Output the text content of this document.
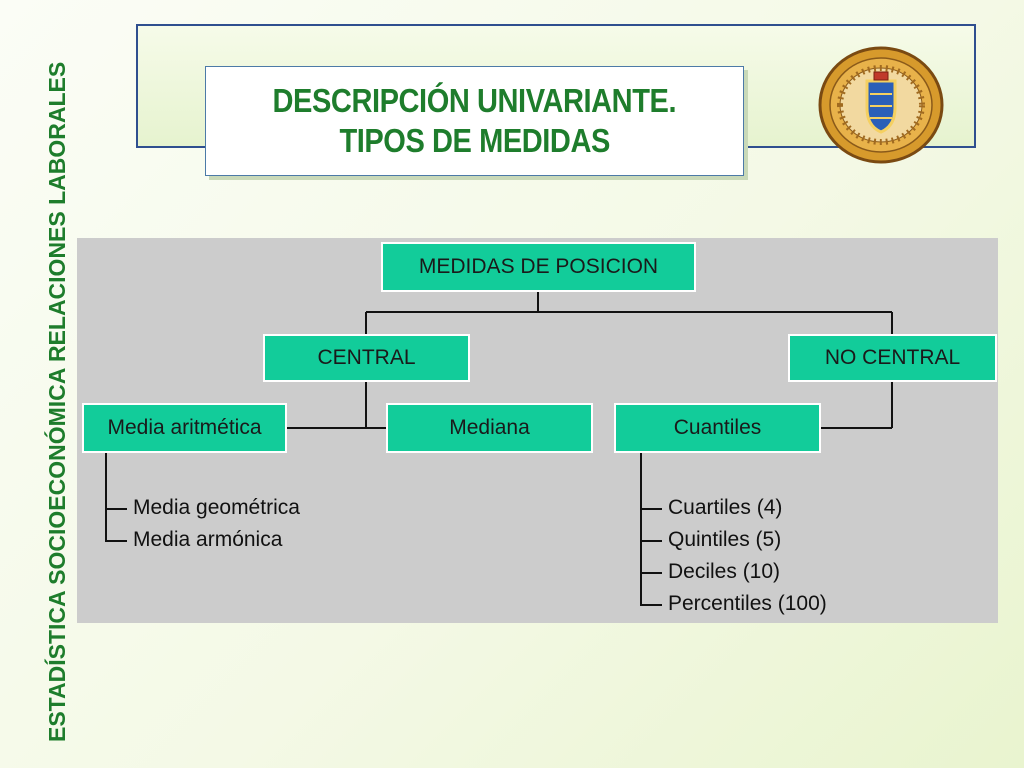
ESTADÍSTICA SOCIOECONÓMICA RELACIONES LABORALES	DESCRIPCIÓN UNIVARIANTE.
TIPOS DE MEDIDAS
MEDIDAS DE POSICION
CENTRAL	NO CENTRAL
Media aritmética	Mediana	Cuantiles
Media geométrica
Media armónica
Cuartiles (4)
Quintiles (5)
Deciles (10)
Percentiles (100)
